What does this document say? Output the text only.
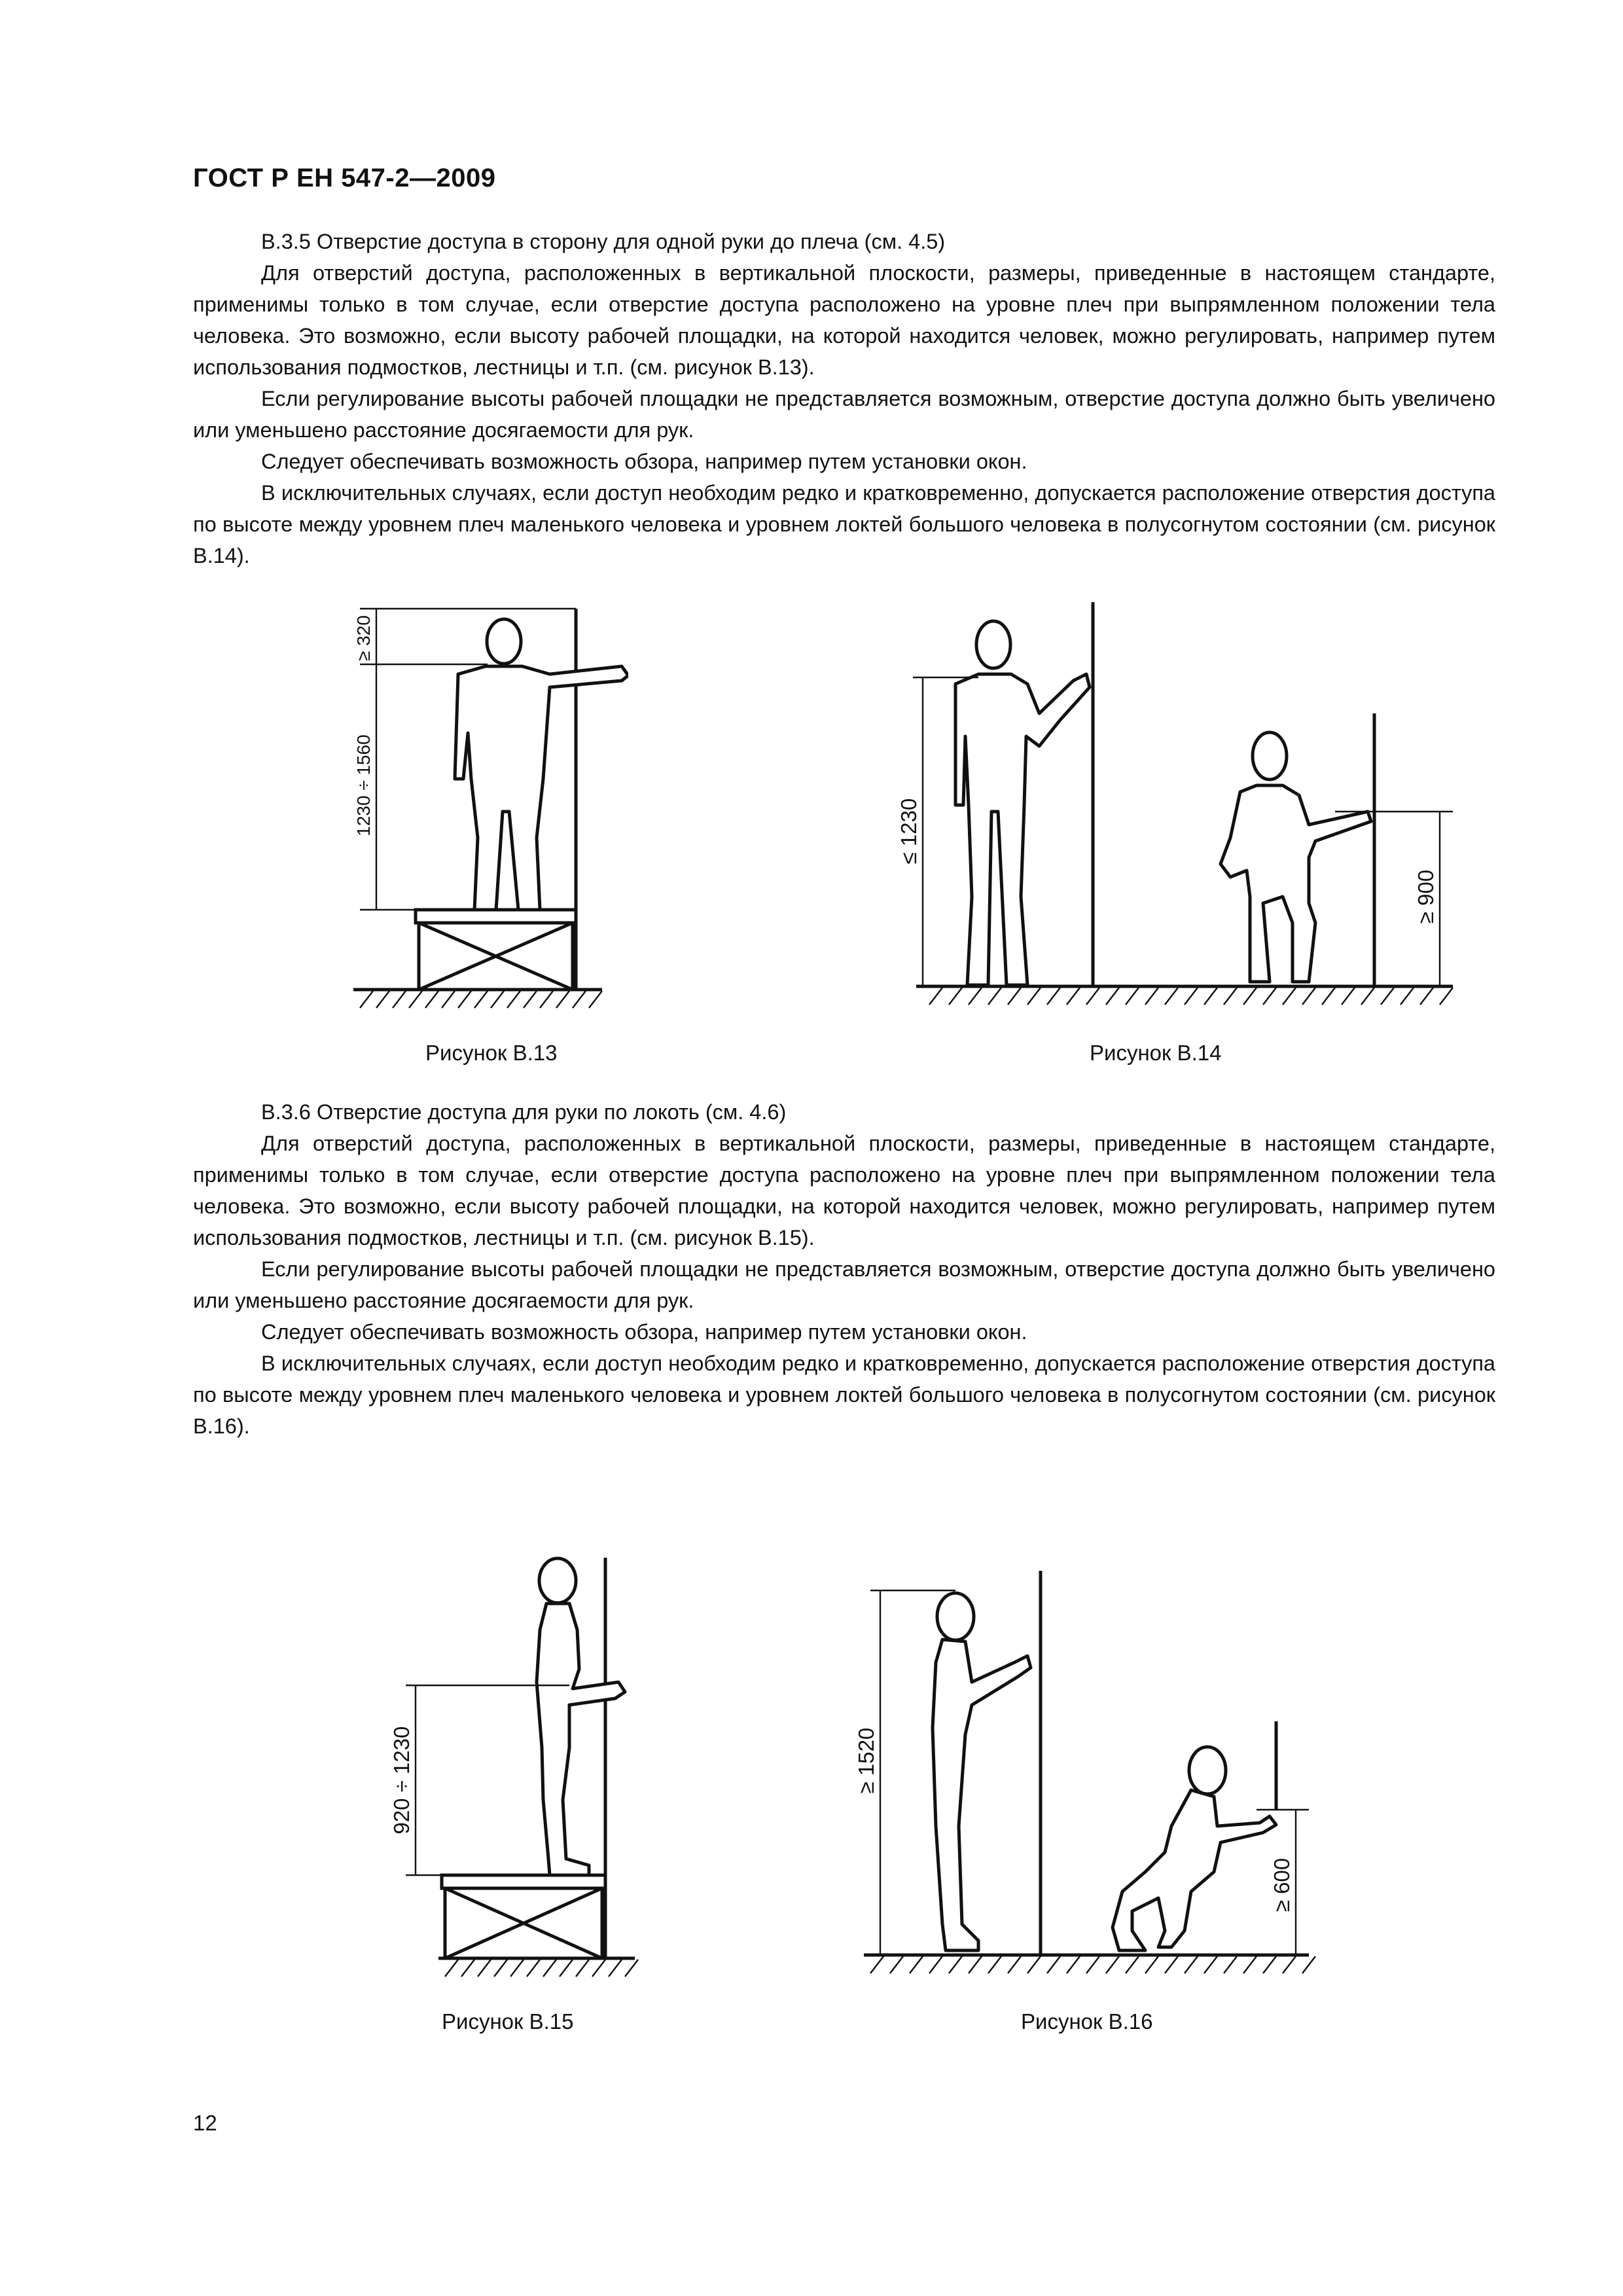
ГОСТ Р ЕН 547-2—2009

В.3.5 Отверстие доступа в сторону для одной руки до плеча (см. 4.5)

Для отверстий доступа, расположенных в вертикальной плоскости, размеры, приведенные в настоящем стандарте, применимы только в том случае, если отверстие доступа расположено на уровне плеч при выпрямленном положении тела человека. Это возможно, если высоту рабочей площадки, на которой находится человек, можно регулировать, например путем использования подмостков, лестницы и т.п. (см. рисунок В.13).

Если регулирование высоты рабочей площадки не представляется возможным, отверстие доступа должно быть увеличено или уменьшено расстояние досягаемости для рук.

Следует обеспечивать возможность обзора, например путем установки окон.

В исключительных случаях, если доступ необходим редко и кратковременно, допускается расположение отверстия доступа по высоте между уровнем плеч маленького человека и уровнем локтей большого человека в полусогнутом состоянии (см. рисунок В.14).

≥ 320
1230 ÷ 1560
Рисунок В.13
≤ 1230
≥ 900
Рисунок В.14

В.3.6 Отверстие доступа для руки по локоть (см. 4.6)

Для отверстий доступа, расположенных в вертикальной плоскости, размеры, приведенные в настоящем стандарте, применимы только в том случае, если отверстие доступа расположено на уровне плеч при выпрямленном положении тела человека. Это возможно, если высоту рабочей площадки, на которой находится человек, можно регулировать, например путем использования подмостков, лестницы и т.п. (см. рисунок В.15).

Если регулирование высоты рабочей площадки не представляется возможным, отверстие доступа должно быть увеличено или уменьшено расстояние досягаемости для рук.

Следует обеспечивать возможность обзора, например путем установки окон.

В исключительных случаях, если доступ необходим редко и кратковременно, допускается расположение отверстия доступа по высоте между уровнем плеч маленького человека и уровнем локтей большого человека в полусогнутом состоянии (см. рисунок В.16).

920 ÷ 1230
Рисунок В.15
≥ 1520
≥ 600
Рисунок В.16
12
